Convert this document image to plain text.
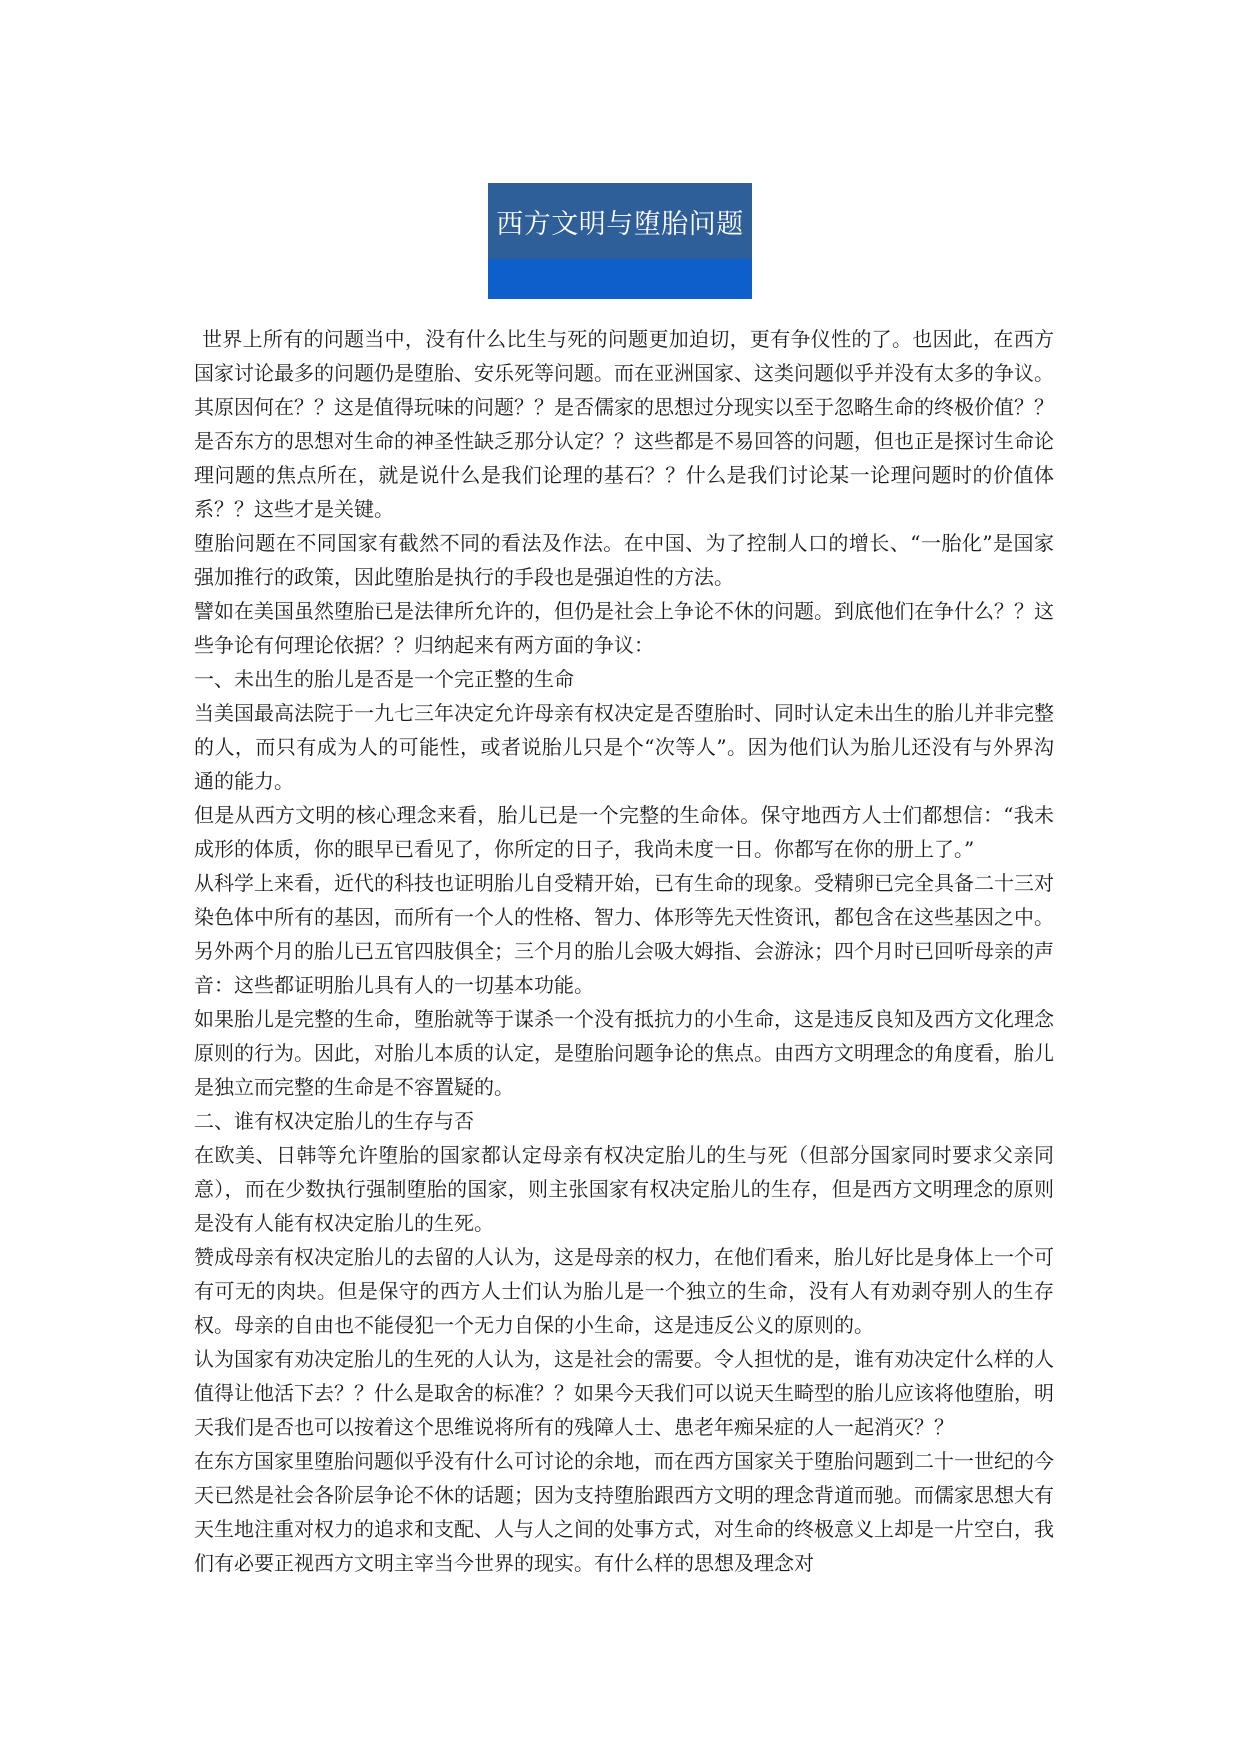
西方文明与堕胎问题

世界上所有的问题当中，没有什么比生与死的问题更加迫切，更有争仪性的了。也因此，在西方国家讨论最多的问题仍是堕胎、安乐死等问题。而在亚洲国家、这类问题似乎并没有太多的争议。其原因何在？？这是值得玩味的问题？？是否儒家的思想过分现实以至于忽略生命的终极价值？？是否东方的思想对生命的神圣性缺乏那分认定？？这些都是不易回答的问题，但也正是探讨生命论理问题的焦点所在，就是说什么是我们论理的基石？？什么是我们讨论某一论理问题时的价值体系？？这些才是关键。

堕胎问题在不同国家有截然不同的看法及作法。在中国、为了控制人口的增长、“一胎化”是国家强加推行的政策，因此堕胎是执行的手段也是强迫性的方法。

譬如在美国虽然堕胎已是法律所允许的，但仍是社会上争论不休的问题。到底他们在争什么？？这些争论有何理论依据？？归纳起来有两方面的争议：

一、未出生的胎儿是否是一个完正整的生命

当美国最高法院于一九七三年决定允许母亲有权决定是否堕胎时、同时认定未出生的胎儿并非完整的人，而只有成为人的可能性，或者说胎儿只是个“次等人”。因为他们认为胎儿还没有与外界沟通的能力。

但是从西方文明的核心理念来看，胎儿已是一个完整的生命体。保守地西方人士们都想信：“我未成形的体质，你的眼早已看见了，你所定的日子，我尚未度一日。你都写在你的册上了。”

从科学上来看，近代的科技也证明胎儿自受精开始，已有生命的现象。受精卵已完全具备二十三对染色体中所有的基因，而所有一个人的性格、智力、体形等先天性资讯，都包含在这些基因之中。另外两个月的胎儿已五官四肢俱全；三个月的胎儿会吸大姆指、会游泳；四个月时已回听母亲的声音：这些都证明胎儿具有人的一切基本功能。

如果胎儿是完整的生命，堕胎就等于谋杀一个没有抵抗力的小生命，这是违反良知及西方文化理念原则的行为。因此，对胎儿本质的认定，是堕胎问题争论的焦点。由西方文明理念的角度看，胎儿是独立而完整的生命是不容置疑的。

二、谁有权决定胎儿的生存与否

在欧美、日韩等允许堕胎的国家都认定母亲有权决定胎儿的生与死（但部分国家同时要求父亲同意），而在少数执行强制堕胎的国家，则主张国家有权决定胎儿的生存，但是西方文明理念的原则是没有人能有权决定胎儿的生死。

赞成母亲有权决定胎儿的去留的人认为，这是母亲的权力，在他们看来，胎儿好比是身体上一个可有可无的肉块。但是保守的西方人士们认为胎儿是一个独立的生命，没有人有劝剥夺别人的生存权。母亲的自由也不能侵犯一个无力自保的小生命，这是违反公义的原则的。

认为国家有劝决定胎儿的生死的人认为，这是社会的需要。令人担忧的是，谁有劝决定什么样的人值得让他活下去？？什么是取舍的标准？？如果今天我们可以说天生畸型的胎儿应该将他堕胎，明天我们是否也可以按着这个思维说将所有的残障人士、患老年痴呆症的人一起消灭？？

在东方国家里堕胎问题似乎没有什么可讨论的余地，而在西方国家关于堕胎问题到二十一世纪的今天已然是社会各阶层争论不休的话题；因为支持堕胎跟西方文明的理念背道而驰。而儒家思想大有天生地注重对权力的追求和支配、人与人之间的处事方式，对生命的终极意义上却是一片空白，我们有必要正视西方文明主宰当今世界的现实。有什么样的思想及理念对
